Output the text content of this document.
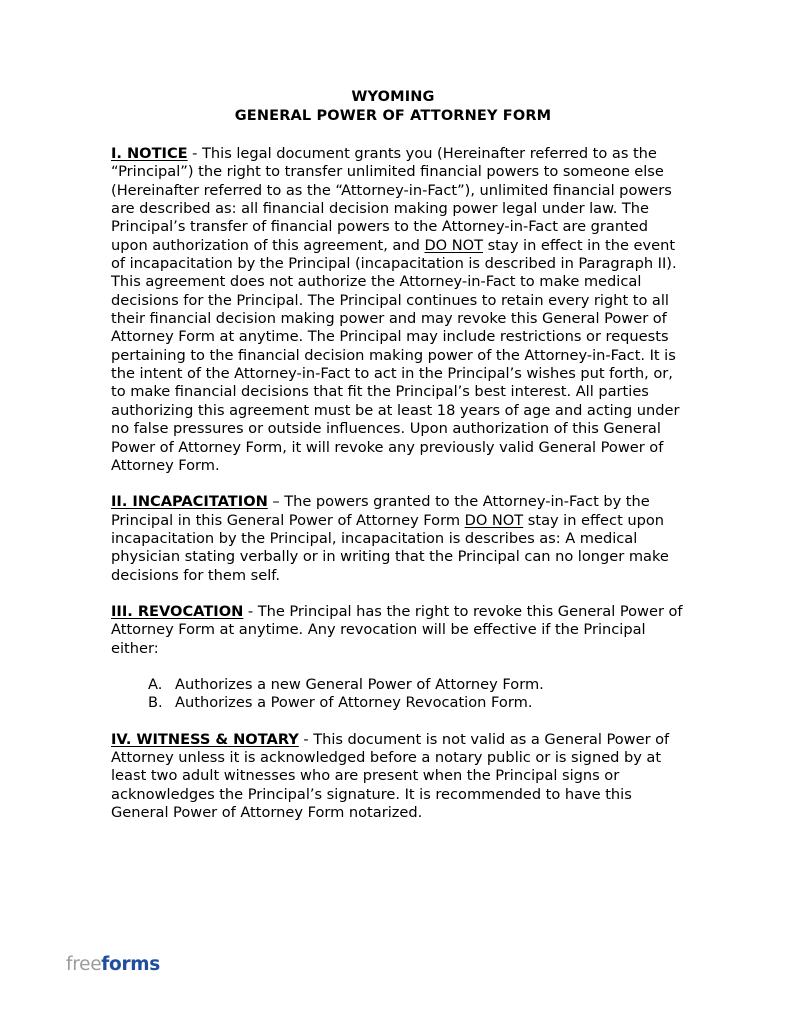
WYOMING
GENERAL POWER OF ATTORNEY FORM

I. NOTICE - This legal document grants you (Hereinafter referred to as the “Principal”) the right to transfer unlimited financial powers to someone else (Hereinafter referred to as the “Attorney-in-Fact”), unlimited financial powers are described as: all financial decision making power legal under law. The Principal’s transfer of financial powers to the Attorney-in-Fact are granted upon authorization of this agreement, and DO NOT stay in effect in the event of incapacitation by the Principal (incapacitation is described in Paragraph II). This agreement does not authorize the Attorney-in-Fact to make medical decisions for the Principal. The Principal continues to retain every right to all their financial decision making power and may revoke this General Power of Attorney Form at anytime. The Principal may include restrictions or requests pertaining to the financial decision making power of the Attorney-in-Fact. It is the intent of the Attorney-in-Fact to act in the Principal’s wishes put forth, or, to make financial decisions that fit the Principal’s best interest. All parties authorizing this agreement must be at least 18 years of age and acting under no false pressures or outside influences. Upon authorization of this General Power of Attorney Form, it will revoke any previously valid General Power of Attorney Form.

II. INCAPACITATION – The powers granted to the Attorney-in-Fact by the Principal in this General Power of Attorney Form DO NOT stay in effect upon incapacitation by the Principal, incapacitation is describes as: A medical physician stating verbally or in writing that the Principal can no longer make decisions for them self.

III. REVOCATION - The Principal has the right to revoke this General Power of Attorney Form at anytime. Any revocation will be effective if the Principal either:

A. Authorizes a new General Power of Attorney Form.
B. Authorizes a Power of Attorney Revocation Form.

IV. WITNESS & NOTARY - This document is not valid as a General Power of Attorney unless it is acknowledged before a notary public or is signed by at least two adult witnesses who are present when the Principal signs or acknowledges the Principal’s signature. It is recommended to have this General Power of Attorney Form notarized.

freeforms
